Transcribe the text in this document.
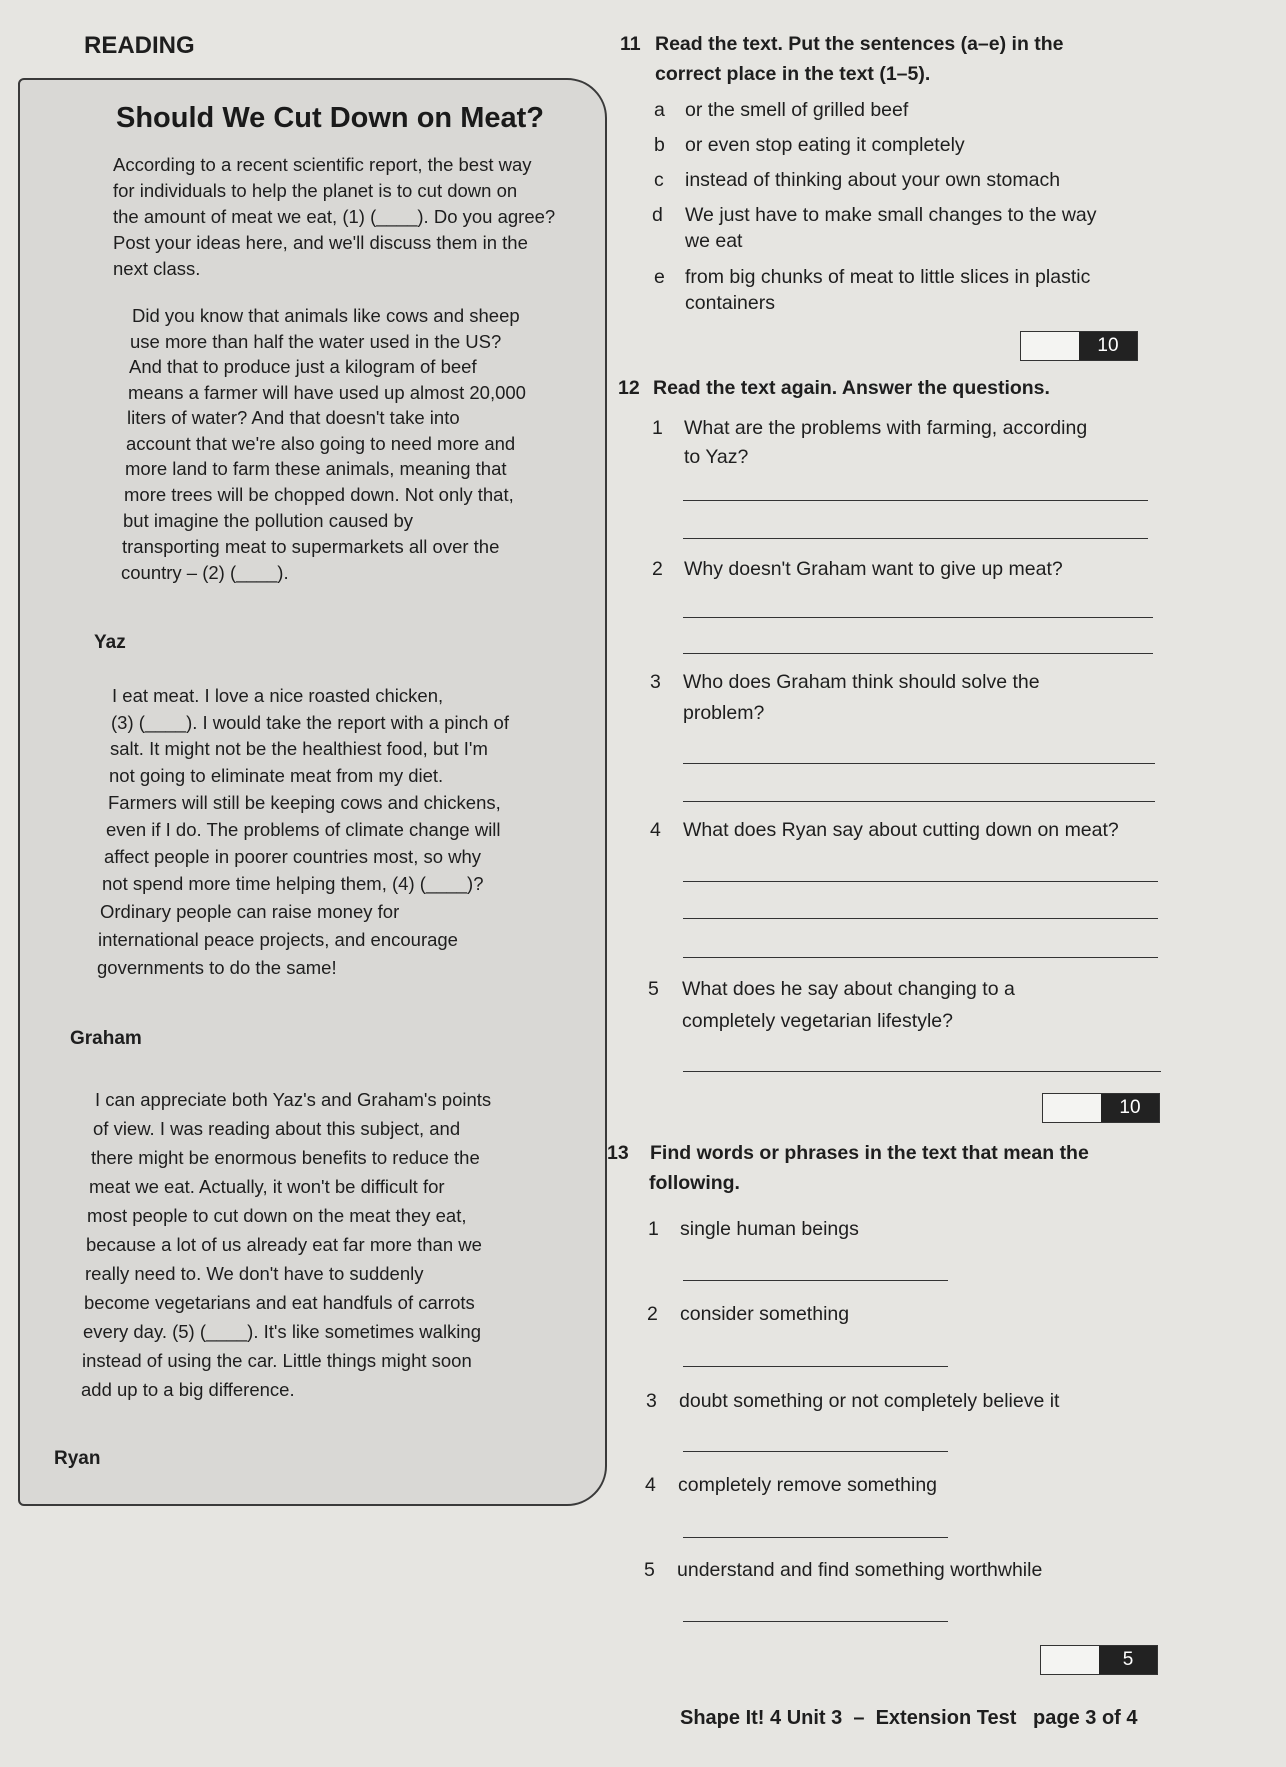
READING
Should We Cut Down on Meat?
According to a recent scientific report, the best way
for individuals to help the planet is to cut down on
the amount of meat we eat, (1) (____). Do you agree?
Post your ideas here, and we'll discuss them in the
next class.
Did you know that animals like cows and sheep
use more than half the water used in the US?
And that to produce just a kilogram of beef
means a farmer will have used up almost 20,000
liters of water? And that doesn't take into
account that we're also going to need more and
more land to farm these animals, meaning that
more trees will be chopped down. Not only that,
but imagine the pollution caused by
transporting meat to supermarkets all over the
country – (2) (____).
Yaz
I eat meat. I love a nice roasted chicken,
(3) (____). I would take the report with a pinch of
salt. It might not be the healthiest food, but I'm
not going to eliminate meat from my diet.
Farmers will still be keeping cows and chickens,
even if I do. The problems of climate change will
affect people in poorer countries most, so why
not spend more time helping them, (4) (____)?
Ordinary people can raise money for
international peace projects, and encourage
governments to do the same!
Graham
I can appreciate both Yaz's and Graham's points
of view. I was reading about this subject, and
there might be enormous benefits to reduce the
meat we eat. Actually, it won't be difficult for
most people to cut down on the meat they eat,
because a lot of us already eat far more than we
really need to. We don't have to suddenly
become vegetarians and eat handfuls of carrots
every day. (5) (____). It's like sometimes walking
instead of using the car. Little things might soon
add up to a big difference.
Ryan
11 Read the text. Put the sentences (a–e) in the
correct place in the text (1–5).
a or the smell of grilled beef
b or even stop eating it completely
c instead of thinking about your own stomach
d We just have to make small changes to the way
we eat
e from big chunks of meat to little slices in plastic
containers
10
12 Read the text again. Answer the questions.
1 What are the problems with farming, according
to Yaz?
2 Why doesn't Graham want to give up meat?
3 Who does Graham think should solve the
problem?
4 What does Ryan say about cutting down on meat?
5 What does he say about changing to a
completely vegetarian lifestyle?
10
13 Find words or phrases in the text that mean the
following.
1 single human beings
2 consider something
3 doubt something or not completely believe it
4 completely remove something
5 understand and find something worthwhile
5
Shape It! 4 Unit 3  –  Extension Test   page 3 of 4
